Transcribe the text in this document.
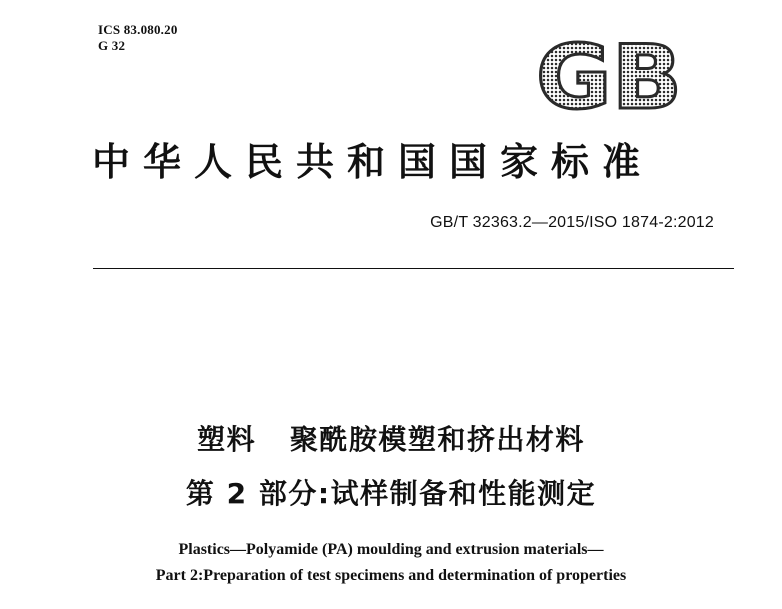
ICS 83.080.20
G 32	GB
中华人民共和国国家标准
GB/T 32363.2—2015/ISO 1874-2:2012
塑料   聚酰胺模塑和挤出材料
第 2 部分:试样制备和性能测定
Plastics—Polyamide (PA) moulding and extrusion materials—
Part 2:Preparation of test specimens and determination of properties
